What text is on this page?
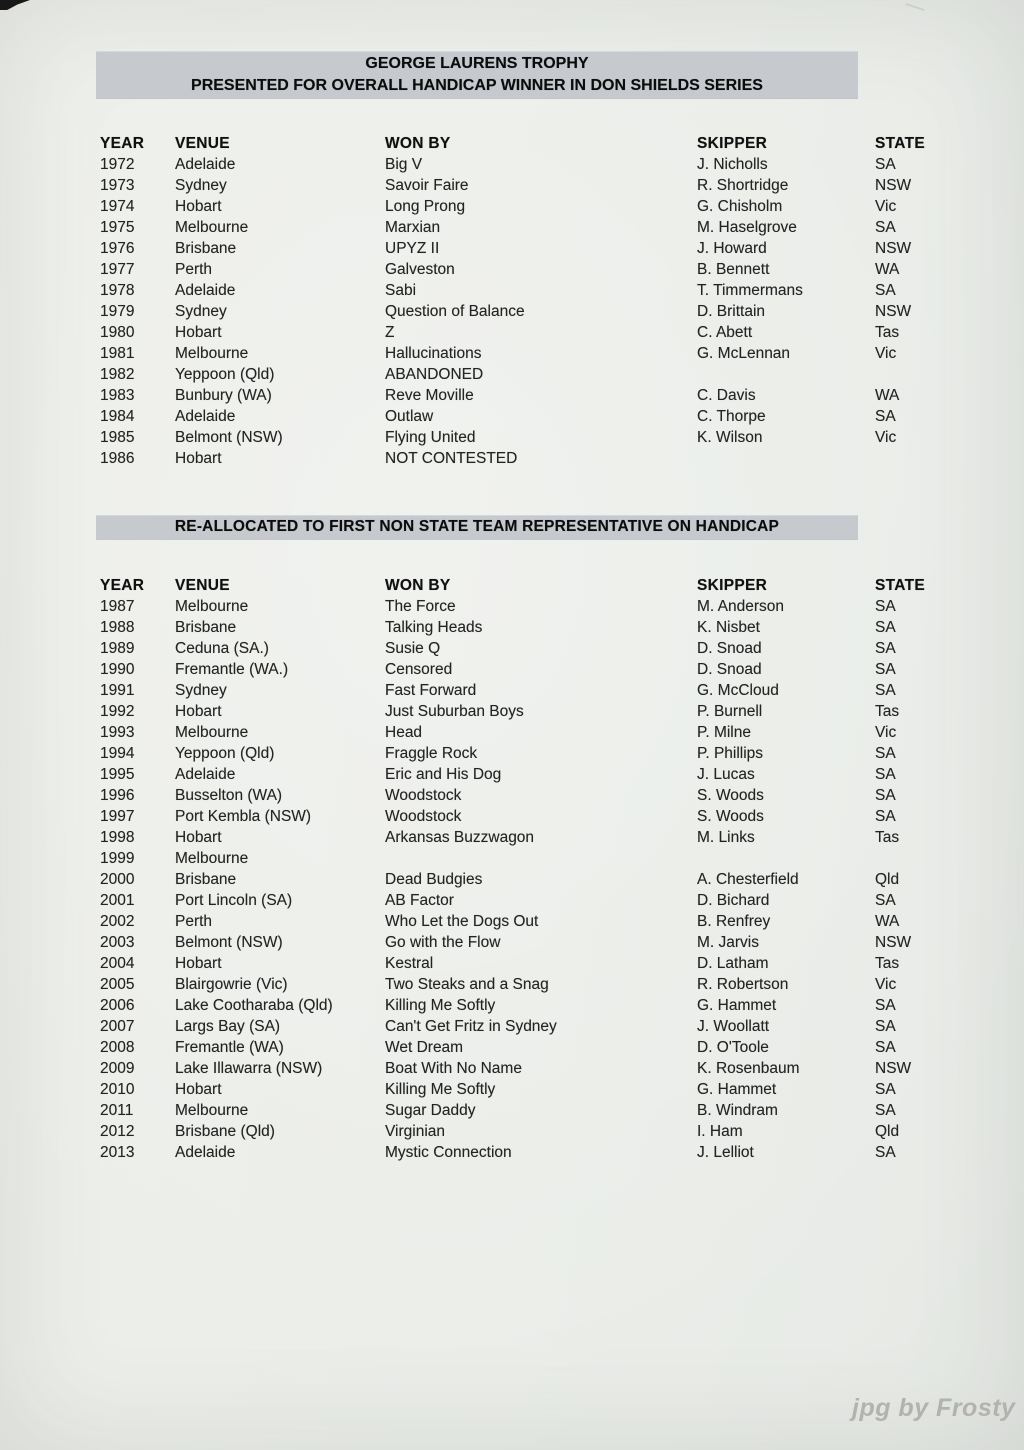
GEORGE LAURENS TROPHY
PRESENTED FOR OVERALL HANDICAP WINNER IN DON SHIELDS SERIES
YEAR	VENUE	WON BY	SKIPPER	STATE
1972	Adelaide	Big V	J. Nicholls	SA
1973	Sydney	Savoir Faire	R. Shortridge	NSW
1974	Hobart	Long Prong	G. Chisholm	Vic
1975	Melbourne	Marxian	M. Haselgrove	SA
1976	Brisbane	UPYZ II	J. Howard	NSW
1977	Perth	Galveston	B. Bennett	WA
1978	Adelaide	Sabi	T. Timmermans	SA
1979	Sydney	Question of Balance	D. Brittain	NSW
1980	Hobart	Z	C. Abett	Tas
1981	Melbourne	Hallucinations	G. McLennan	Vic
1982	Yeppoon (Qld)	ABANDONED
1983	Bunbury (WA)	Reve Moville	C. Davis	WA
1984	Adelaide	Outlaw	C. Thorpe	SA
1985	Belmont (NSW)	Flying United	K. Wilson	Vic
1986	Hobart	NOT CONTESTED
RE-ALLOCATED TO FIRST NON STATE TEAM REPRESENTATIVE ON HANDICAP
YEAR	VENUE	WON BY	SKIPPER	STATE
1987	Melbourne	The Force	M. Anderson	SA
1988	Brisbane	Talking Heads	K. Nisbet	SA
1989	Ceduna (SA.)	Susie Q	D. Snoad	SA
1990	Fremantle (WA.)	Censored	D. Snoad	SA
1991	Sydney	Fast Forward	G. McCloud	SA
1992	Hobart	Just Suburban Boys	P. Burnell	Tas
1993	Melbourne	Head	P. Milne	Vic
1994	Yeppoon (Qld)	Fraggle Rock	P. Phillips	SA
1995	Adelaide	Eric and His Dog	J. Lucas	SA
1996	Busselton (WA)	Woodstock	S. Woods	SA
1997	Port Kembla (NSW)	Woodstock	S. Woods	SA
1998	Hobart	Arkansas Buzzwagon	M. Links	Tas
1999	Melbourne
2000	Brisbane	Dead Budgies	A. Chesterfield	Qld
2001	Port Lincoln (SA)	AB Factor	D. Bichard	SA
2002	Perth	Who Let the Dogs Out	B. Renfrey	WA
2003	Belmont (NSW)	Go with the Flow	M. Jarvis	NSW
2004	Hobart	Kestral	D. Latham	Tas
2005	Blairgowrie (Vic)	Two Steaks and a Snag	R. Robertson	Vic
2006	Lake Cootharaba (Qld)	Killing Me Softly	G. Hammet	SA
2007	Largs Bay (SA)	Can't Get Fritz in Sydney	J. Woollatt	SA
2008	Fremantle (WA)	Wet Dream	D. O'Toole	SA
2009	Lake Illawarra (NSW)	Boat With No Name	K. Rosenbaum	NSW
2010	Hobart	Killing Me Softly	G. Hammet	SA
2011	Melbourne	Sugar Daddy	B. Windram	SA
2012	Brisbane (Qld)	Virginian	I. Ham	Qld
2013	Adelaide	Mystic Connection	J. Lelliot	SA
jpg by Frosty
